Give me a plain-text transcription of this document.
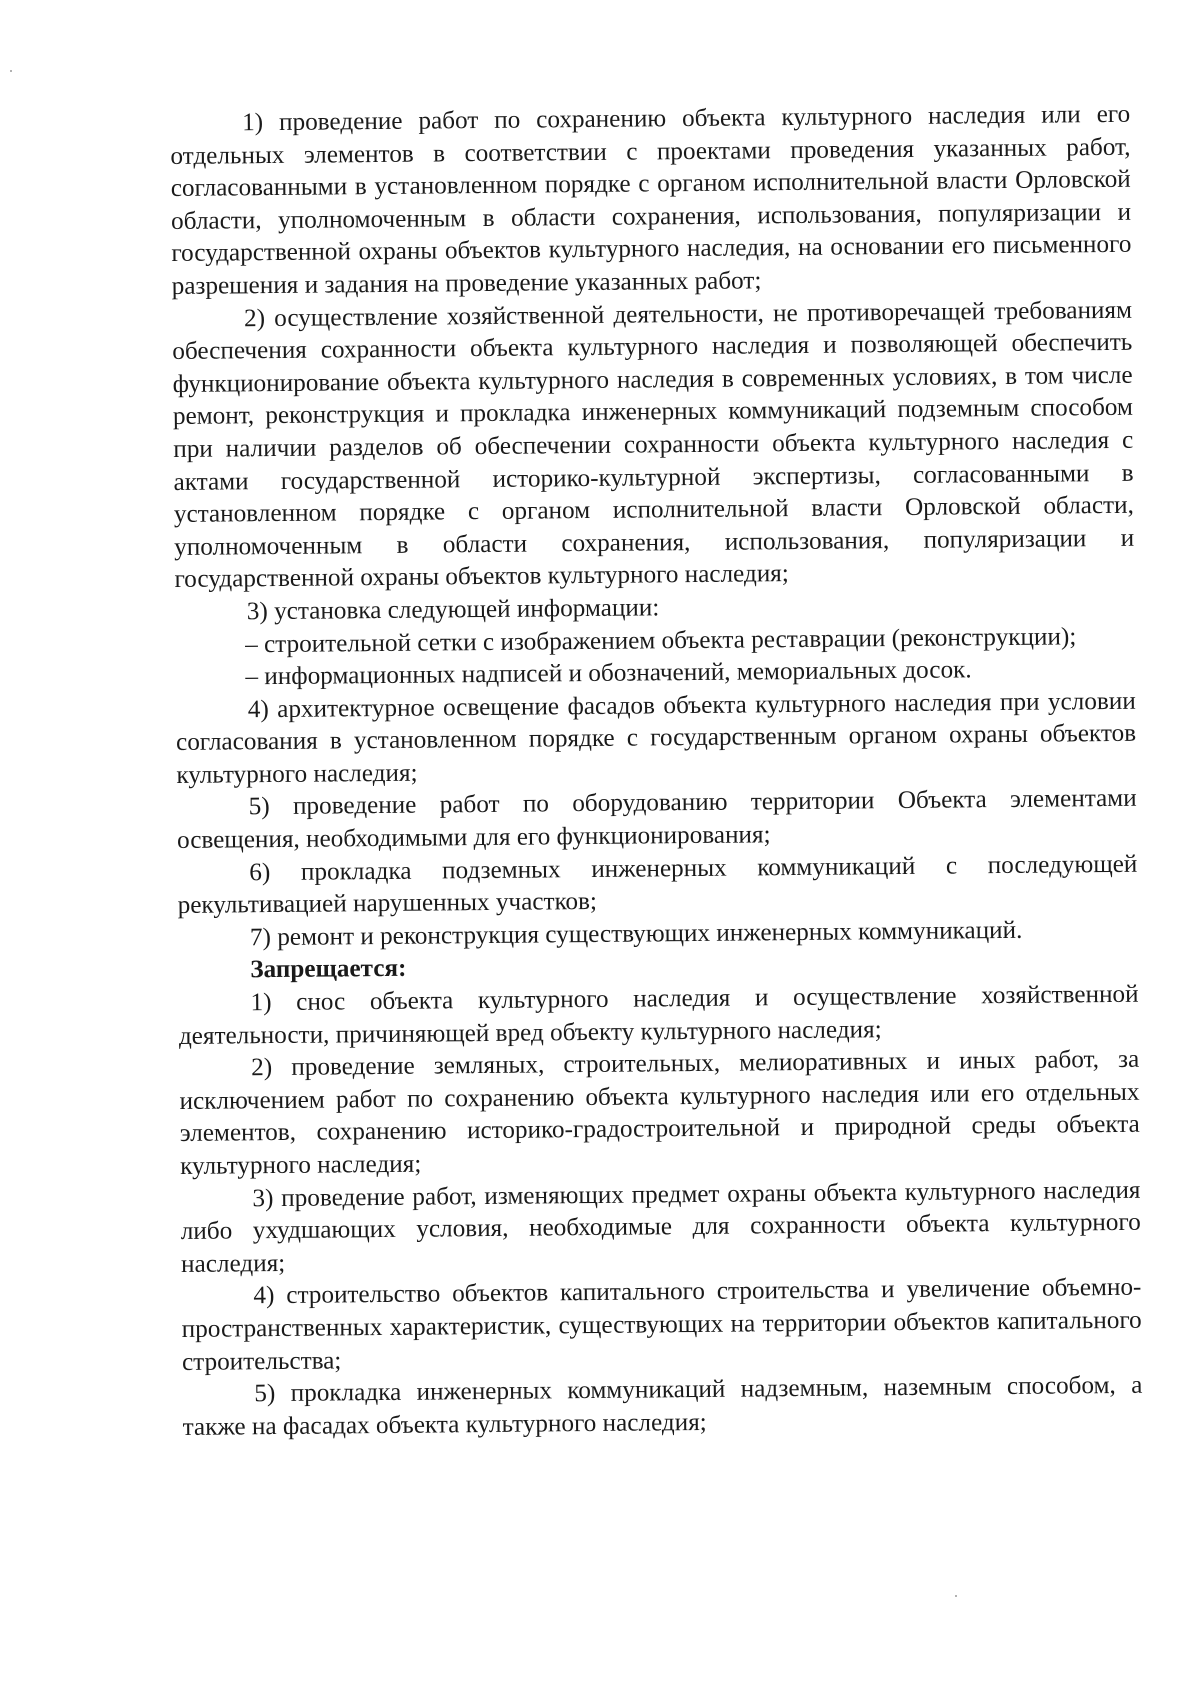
1) проведение работ по сохранению объекта культурного наследия или его отдельных элементов в соответствии с проектами проведения указанных работ, согласованными в установленном порядке с органом исполнительной власти Орловской области, уполномоченным в области сохранения, использования, популяризации и государственной охраны объектов культурного наследия, на основании его письменного разрешения и задания на проведение указанных работ;

2) осуществление хозяйственной деятельности, не противоречащей требованиям обеспечения сохранности объекта культурного наследия и позволяющей обеспечить функционирование объекта культурного наследия в современных условиях, в том числе ремонт, реконструкция и прокладка инженерных коммуникаций подземным способом при наличии разделов об обеспечении сохранности объекта культурного наследия с актами государственной историко-культурной экспертизы, согласованными в установленном порядке с органом исполнительной власти Орловской области, уполномоченным в области сохранения, использования, популяризации и государственной охраны объектов культурного наследия;

3) установка следующей информации:

– строительной сетки с изображением объекта реставрации (реконструкции);

– информационных надписей и обозначений, мемориальных досок.

4) архитектурное освещение фасадов объекта культурного наследия при условии согласования в установленном порядке с государственным органом охраны объектов культурного наследия;

5) проведение работ по оборудованию территории Объекта элементами освещения, необходимыми для его функционирования;

6) прокладка подземных инженерных коммуникаций с последующей рекультивацией нарушенных участков;

7) ремонт и реконструкция существующих инженерных коммуникаций.

Запрещается:

1) снос объекта культурного наследия и осуществление хозяйственной деятельности, причиняющей вред объекту культурного наследия;

2) проведение земляных, строительных, мелиоративных и иных работ, за исключением работ по сохранению объекта культурного наследия или его отдельных элементов, сохранению историко-градостроительной и природной среды объекта культурного наследия;

3) проведение работ, изменяющих предмет охраны объекта культурного наследия либо ухудшающих условия, необходимые для сохранности объекта культурного наследия;

4) строительство объектов капитального строительства и увеличение объемно-пространственных характеристик, существующих на территории объектов капитального строительства;

5) прокладка инженерных коммуникаций надземным, наземным способом, а также на фасадах объекта культурного наследия;
